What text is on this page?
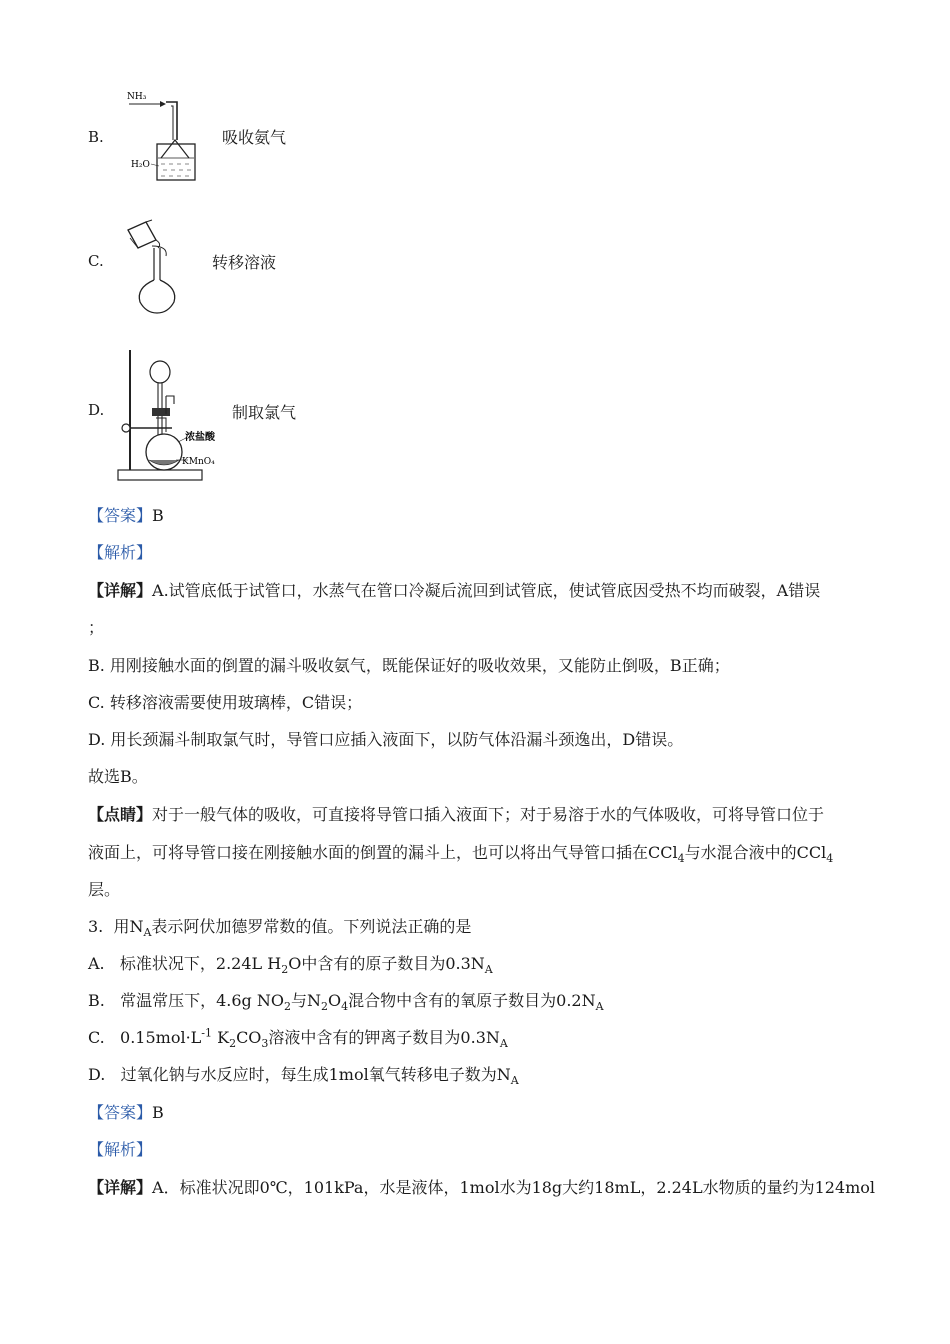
B.
NH₃
H₂O
吸收氨气
C.	转移溶液
D.
浓盐酸
KMnO₄
制取氯气
【答案】B
【解析】
【详解】A.试管底低于试管口，水蒸气在管口冷凝后流回到试管底，使试管底因受热不均而破裂，A错误
；
B. 用刚接触水面的倒置的漏斗吸收氨气，既能保证好的吸收效果，又能防止倒吸，B正确；
C. 转移溶液需要使用玻璃棒，C错误；
D. 用长颈漏斗制取氯气时，导管口应插入液面下，以防气体沿漏斗颈逸出，D错误。
故选B。
【点睛】对于一般气体的吸收，可直接将导管口插入液面下；对于易溶于水的气体吸收，可将导管口位于
液面上，可将导管口接在刚接触水面的倒置的漏斗上，也可以将出气导管口插在CCl$_4$与水混合液中的CCl$_4$
层。
3. 用$N_A$表示阿伏加德罗常数的值。下列说法正确的是
A. 标准状况下，2.24L $H_2O$中含有的原子数目为$0.3N_A$
B. 常温常压下，4.6g $NO_2$与$N_2O_4$混合物中含有的氧原子数目为$0.2N_A$
C. $0.15mol\cdot L^{-1}$ $K_2CO_3$溶液中含有的钾离子数目为$0.3N_A$
D. 过氧化钠与水反应时，每生成1mol氧气转移电子数为$N_A$
【答案】B
【解析】
【详解】A．标准状况即0℃，101kPa，水是液体，1mol水为18g大约18mL，2.24L水物质的量约为124mol
